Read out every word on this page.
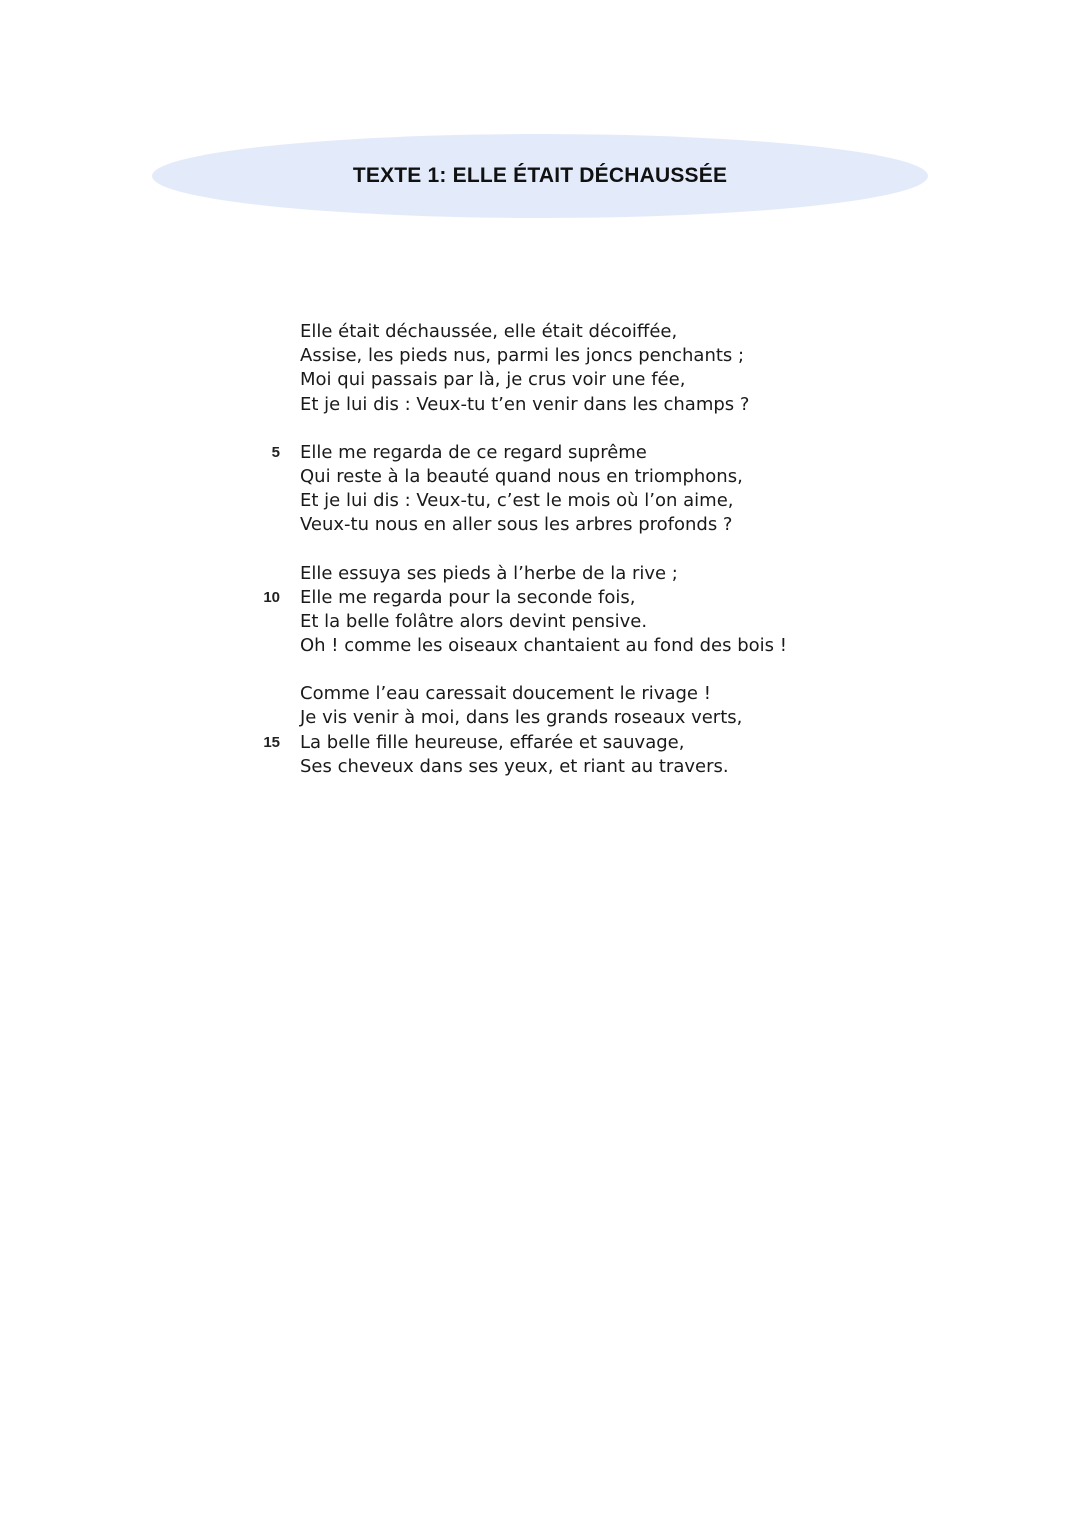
TEXTE 1: ELLE ÉTAIT DÉCHAUSSÉE
Elle était déchaussée, elle était décoiffée,
Assise, les pieds nus, parmi les joncs penchants ;
Moi qui passais par là, je crus voir une fée,
Et je lui dis : Veux-tu t’en venir dans les champs ?
5 Elle me regarda de ce regard suprême
Qui reste à la beauté quand nous en triomphons,
Et je lui dis : Veux-tu, c’est le mois où l’on aime,
Veux-tu nous en aller sous les arbres profonds ?
Elle essuya ses pieds à l’herbe de la rive ;
10 Elle me regarda pour la seconde fois,
Et la belle folâtre alors devint pensive.
Oh ! comme les oiseaux chantaient au fond des bois !
Comme l’eau caressait doucement le rivage !
Je vis venir à moi, dans les grands roseaux verts,
15 La belle fille heureuse, effarée et sauvage,
Ses cheveux dans ses yeux, et riant au travers.
